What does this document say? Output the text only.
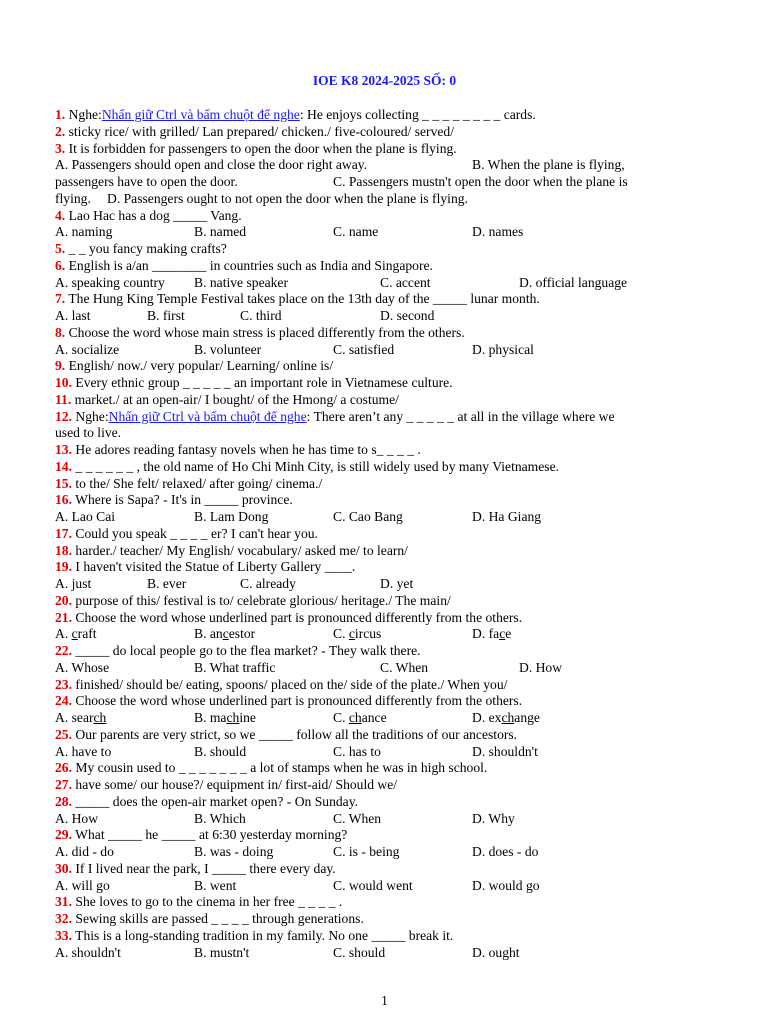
IOE K8 2024-2025 SỐ: 0
1. Nghe:Nhấn giữ Ctrl và bấm chuột để nghe: He enjoys collecting _ _ _ _ _ _ _ _ cards.
2. sticky rice/ with grilled/ Lan prepared/ chicken./ five-coloured/ served/
3. It is forbidden for passengers to open the door when the plane is flying.
A. Passengers should open and close the door right away.	B. When the plane is flying,
passengers have to open the door.	C. Passengers mustn't open the door when the plane is
flying.	D. Passengers ought to not open the door when the plane is flying.
4. Lao Hac has a dog _____ Vang.
A. naming	B. named	C. name	D. names
5. _ _ you fancy making crafts?
6. English is a/an ________ in countries such as India and Singapore.
A. speaking country	B. native speaker	C. accent	D. official language
7. The Hung King Temple Festival takes place on the 13th day of the _____ lunar month.
A. last	B. first	C. third	D. second
8. Choose the word whose main stress is placed differently from the others.
A. socialize	B. volunteer	C. satisfied	D. physical
9. English/ now./ very popular/ Learning/ online is/
10. Every ethnic group _ _ _ _ _ an important role in Vietnamese culture.
11. market./ at an open-air/ I bought/ of the Hmong/ a costume/
12. Nghe:Nhấn giữ Ctrl và bấm chuột để nghe: There aren’t any _ _ _ _ _ at all in the village where we
used to live.
13. He adores reading fantasy novels when he has time to s_ _ _ _ .
14. _ _ _ _ _ _ , the old name of Ho Chi Minh City, is still widely used by many Vietnamese.
15. to the/ She felt/ relaxed/ after going/ cinema./
16. Where is Sapa? - It's in _____ province.
A. Lao Cai	B. Lam Dong	C. Cao Bang	D. Ha Giang
17. Could you speak _ _ _ _ er? I can't hear you.
18. harder./ teacher/ My English/ vocabulary/ asked me/ to learn/
19. I haven't visited the Statue of Liberty Gallery ____.
A. just	B. ever	C. already	D. yet
20. purpose of this/ festival is to/ celebrate glorious/ heritage./ The main/
21. Choose the word whose underlined part is pronounced differently from the others.
A. craft	B. ancestor	C. circus	D. face
22. _____ do local people go to the flea market? - They walk there.
A. Whose	B. What traffic	C. When	D. How
23. finished/ should be/ eating, spoons/ placed on the/ side of the plate./ When you/
24. Choose the word whose underlined part is pronounced differently from the others.
A. search	B. machine	C. chance	D. exchange
25. Our parents are very strict, so we _____ follow all the traditions of our ancestors.
A. have to	B. should	C. has to	D. shouldn't
26. My cousin used to _ _ _ _ _ _ _ a lot of stamps when he was in high school.
27. have some/ our house?/ equipment in/ first-aid/ Should we/
28. _____ does the open-air market open? - On Sunday.
A. How	B. Which	C. When	D. Why
29. What _____ he _____ at 6:30 yesterday morning?
A. did - do	B. was - doing	C. is - being	D. does - do
30. If I lived near the park, I _____ there every day.
A. will go	B. went	C. would went	D. would go
31. She loves to go to the cinema in her free _ _ _ _ .
32. Sewing skills are passed _ _ _ _ through generations.
33. This is a long-standing tradition in my family. No one _____ break it.
A. shouldn't	B. mustn't	C. should	D. ought
1
